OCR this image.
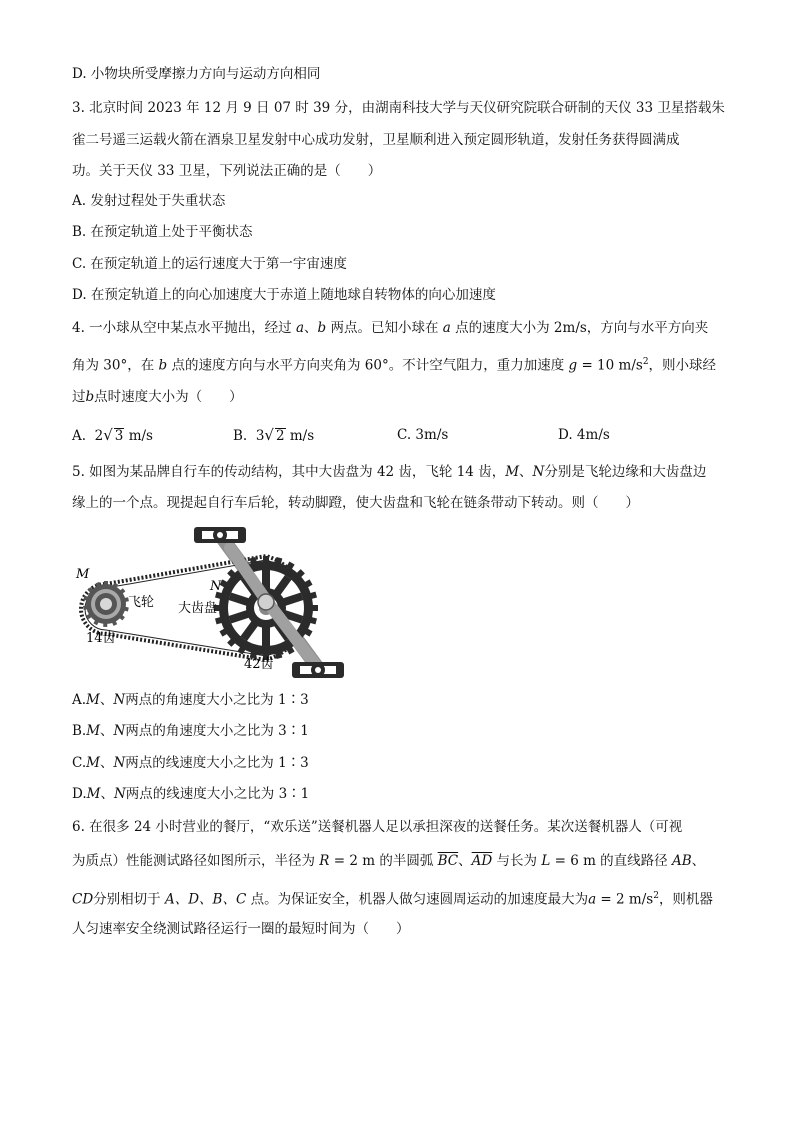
D. 小物块所受摩擦力方向与运动方向相同
3. 北京时间 2023 年 12 月 9 日 07 时 39 分，由湖南科技大学与天仪研究院联合研制的天仪 33 卫星搭载朱
雀二号遥三运载火箭在酒泉卫星发射中心成功发射，卫星顺利进入预定圆形轨道，发射任务获得圆满成
功。关于天仪 33 卫星，下列说法正确的是（　　）
A. 发射过程处于失重状态
B. 在预定轨道上处于平衡状态
C. 在预定轨道上的运行速度大于第一宇宙速度
D. 在预定轨道上的向心加速度大于赤道上随地球自转物体的向心加速度
4. 一小球从空中某点水平抛出，经过 a、b 两点。已知小球在 a 点的速度大小为 2m/s，方向与水平方向夹
角为 30°，在 b 点的速度方向与水平方向夹角为 60°。不计空气阻力，重力加速度 g = 10 $m/s^2$，则小球经
过b点时速度大小为（　　）
A. 2√ 3 m/s	B. 3√ 2 m/s	C. 3m/s	D. 4m/s
5. 如图为某品牌自行车的传动结构，其中大齿盘为 42 齿，飞轮 14 齿，M、N分别是飞轮边缘和大齿盘边
缘上的一个点。现提起自行车后轮，转动脚蹬，使大齿盘和飞轮在链条带动下转动。则（　　）
M
N
飞轮 大齿盘
14齿
42齿
A.M、N两点的角速度大小之比为 1∶3
B.M、N两点的角速度大小之比为 3∶1
C.M、N两点的线速度大小之比为 1∶3
D.M、N两点的线速度大小之比为 3∶1
6. 在很多 24 小时营业的餐厅，“欢乐送”送餐机器人足以承担深夜的送餐任务。某次送餐机器人（可视
为质点）性能测试路径如图所示，半径为 R = 2 m 的半圆弧 $\overline{BC}$、$\overline{AD}$ 与长为 L = 6 m 的直线路径 AB、
CD分别相切于 A、D、B、C 点。为保证安全，机器人做匀速圆周运动的加速度最大为a = 2 $m/s^2$，则机器
人匀速率安全绕测试路径运行一圈的最短时间为（　　）
